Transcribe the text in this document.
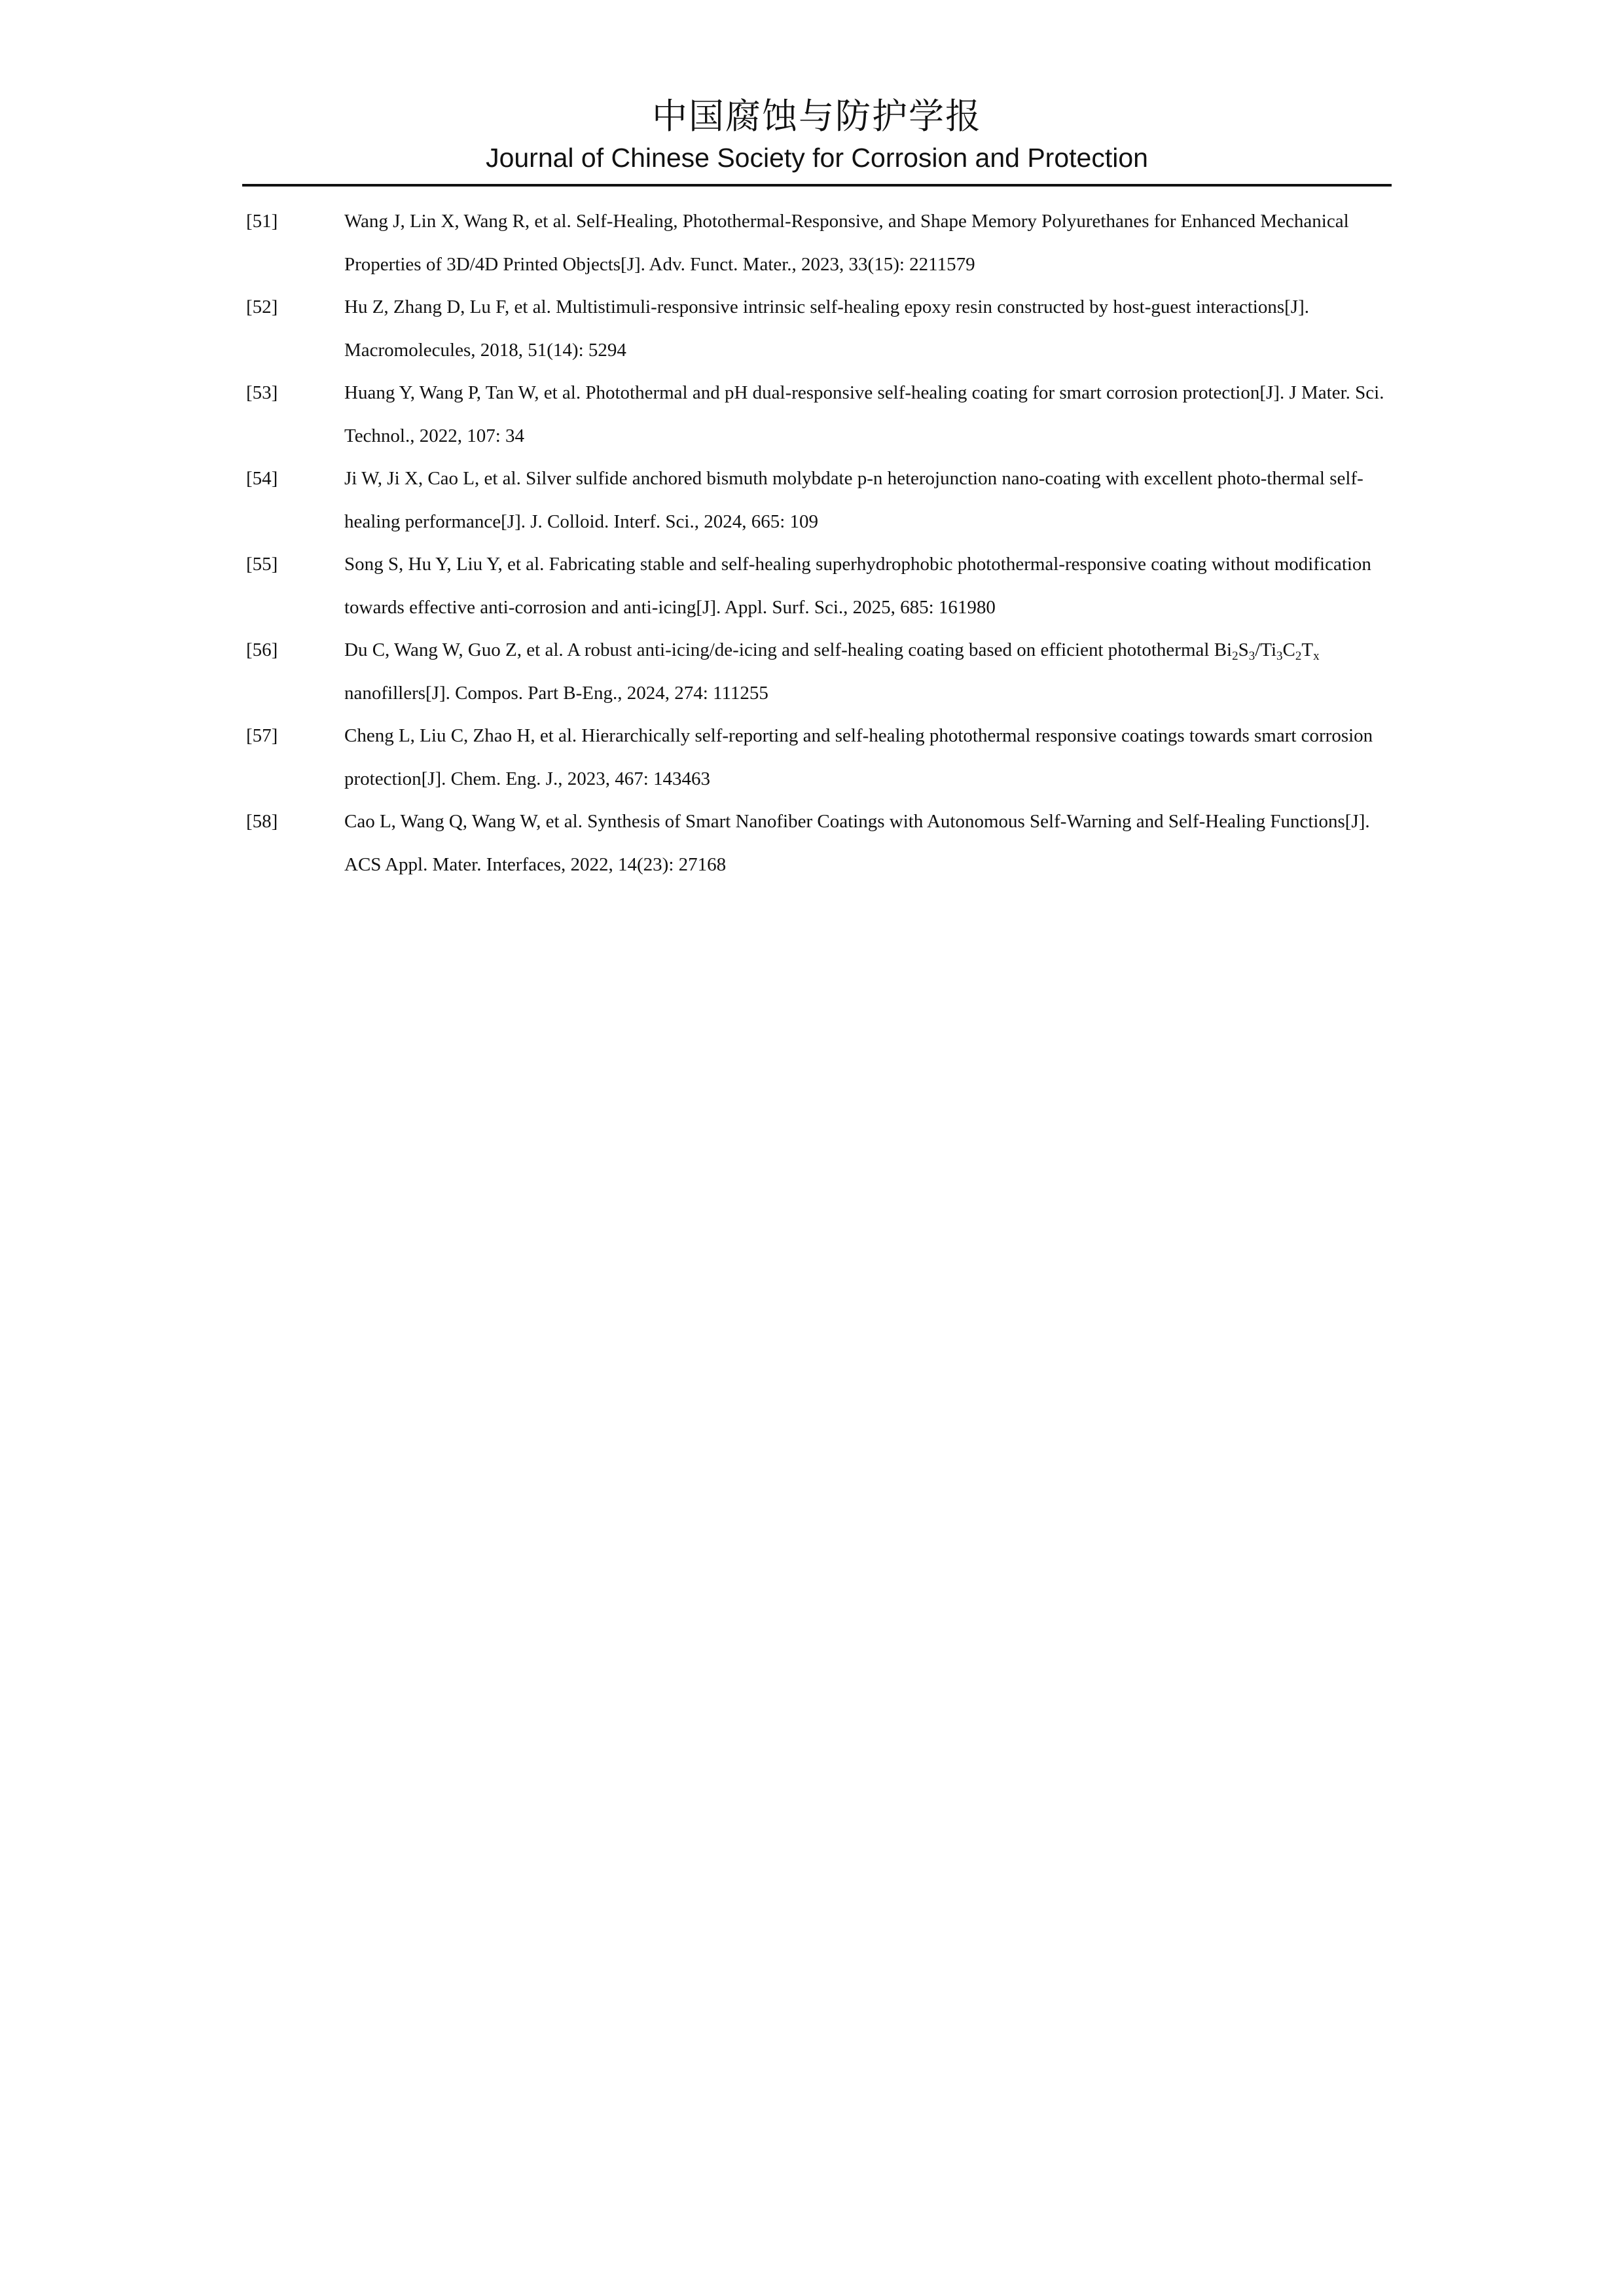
中国腐蚀与防护学报
Journal of Chinese Society for Corrosion and Protection
[51]	Wang J, Lin X, Wang R, et al. Self‐Healing, Photothermal‐Responsive, and Shape Memory Polyurethanes for Enhanced Mechanical Properties of 3D/4D Printed Objects[J]. Adv. Funct. Mater., 2023, 33(15): 2211579
[52]	Hu Z, Zhang D, Lu F, et al. Multistimuli-responsive intrinsic self-healing epoxy resin constructed by host-guest interactions[J]. Macromolecules, 2018, 51(14): 5294
[53]	Huang Y, Wang P, Tan W, et al. Photothermal and pH dual-responsive self-healing coating for smart corrosion protection[J]. J Mater. Sci. Technol., 2022, 107: 34
[54]	Ji W, Ji X, Cao L, et al. Silver sulfide anchored bismuth molybdate p-n heterojunction nano-coating with excellent photo-thermal self-healing performance[J]. J. Colloid. Interf. Sci., 2024, 665: 109
[55]	Song S, Hu Y, Liu Y, et al. Fabricating stable and self-healing superhydrophobic photothermal-responsive coating without modification towards effective anti-corrosion and anti-icing[J]. Appl. Surf. Sci., 2025, 685: 161980
[56]	Du C, Wang W, Guo Z, et al. A robust anti-icing/de-icing and self-healing coating based on efficient photothermal $Bi_2S_3/Ti_3C_2T_x$ nanofillers[J]. Compos. Part B-Eng., 2024, 274: 111255
[57]	Cheng L, Liu C, Zhao H, et al. Hierarchically self-reporting and self-healing photothermal responsive coatings towards smart corrosion protection[J]. Chem. Eng. J., 2023, 467: 143463
[58]	Cao L, Wang Q, Wang W, et al. Synthesis of Smart Nanofiber Coatings with Autonomous Self-Warning and Self-Healing Functions[J]. ACS Appl. Mater. Interfaces, 2022, 14(23): 27168
